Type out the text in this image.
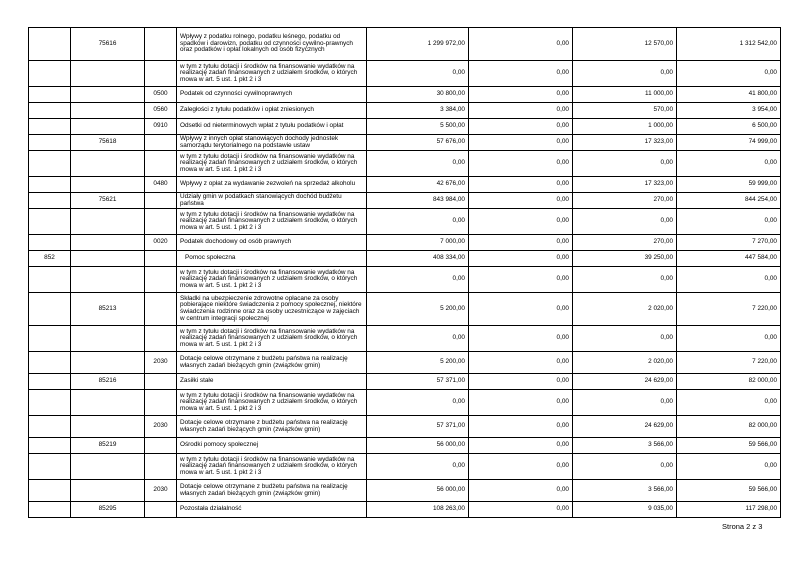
	75616		Wpływy z podatku rolnego, podatku leśnego, podatku od spadków i darowizn, podatku od czynności cywilno-prawnych oraz podatków i opłat lokalnych od osób fizycznych	1 299 972,00	0,00	12 570,00	1 312 542,00
			w tym z tytułu dotacji i środków na finansowanie wydatków na realizację zadań finansowanych z udziałem środków, o których mowa w art. 5 ust. 1 pkt 2 i 3	0,00	0,00	0,00	0,00
		0500	Podatek od czynności cywilnoprawnych	30 800,00	0,00	11 000,00	41 800,00
		0560	Zaległości z tytułu podatków i opłat zniesionych	3 384,00	0,00	570,00	3 954,00
		0910	Odsetki od nieterminowych wpłat z tytułu podatków i opłat	5 500,00	0,00	1 000,00	6 500,00
	75618		Wpływy z innych opłat stanowiących dochody jednostek samorządu terytorialnego na podstawie ustaw	57 676,00	0,00	17 323,00	74 999,00
			w tym z tytułu dotacji i środków na finansowanie wydatków na realizację zadań finansowanych z udziałem środków, o których mowa w art. 5 ust. 1 pkt 2 i 3	0,00	0,00	0,00	0,00
		0480	Wpływy z opłat za wydawanie zezwoleń na sprzedaż alkoholu	42 676,00	0,00	17 323,00	59 999,00
	75621		Udziały gmin w podatkach stanowiących dochód budżetu państwa	843 984,00	0,00	270,00	844 254,00
			w tym z tytułu dotacji i środków na finansowanie wydatków na realizację zadań finansowanych z udziałem środków, o których mowa w art. 5 ust. 1 pkt 2 i 3	0,00	0,00	0,00	0,00
		0020	Podatek dochodowy od osób prawnych	7 000,00	0,00	270,00	7 270,00
852			Pomoc społeczna	408 334,00	0,00	39 250,00	447 584,00
			w tym z tytułu dotacji i środków na finansowanie wydatków na realizację zadań finansowanych z udziałem środków, o których mowa w art. 5 ust. 1 pkt 2 i 3	0,00	0,00	0,00	0,00
	85213		Składki na ubezpieczenie zdrowotne opłacane za osoby pobierające niektóre świadczenia z pomocy społecznej, niektóre świadczenia rodzinne oraz za osoby uczestniczące w zajęciach w centrum integracji społecznej	5 200,00	0,00	2 020,00	7 220,00
			w tym z tytułu dotacji i środków na finansowanie wydatków na realizację zadań finansowanych z udziałem środków, o których mowa w art. 5 ust. 1 pkt 2 i 3	0,00	0,00	0,00	0,00
		2030	Dotacje celowe otrzymane z budżetu państwa na realizację własnych zadań bieżących gmin (związków gmin)	5 200,00	0,00	2 020,00	7 220,00
	85216		Zasiłki stałe	57 371,00	0,00	24 629,00	82 000,00
			w tym z tytułu dotacji i środków na finansowanie wydatków na realizację zadań finansowanych z udziałem środków, o których mowa w art. 5 ust. 1 pkt 2 i 3	0,00	0,00	0,00	0,00
		2030	Dotacje celowe otrzymane z budżetu państwa na realizację własnych zadań bieżących gmin (związków gmin)	57 371,00	0,00	24 629,00	82 000,00
	85219		Ośrodki pomocy społecznej	56 000,00	0,00	3 566,00	59 566,00
			w tym z tytułu dotacji i środków na finansowanie wydatków na realizację zadań finansowanych z udziałem środków, o których mowa w art. 5 ust. 1 pkt 2 i 3	0,00	0,00	0,00	0,00
		2030	Dotacje celowe otrzymane z budżetu państwa na realizację własnych zadań bieżących gmin (związków gmin)	56 000,00	0,00	3 566,00	59 566,00
	85295		Pozostała działalność	108 263,00	0,00	9 035,00	117 298,00
Strona 2 z 3
